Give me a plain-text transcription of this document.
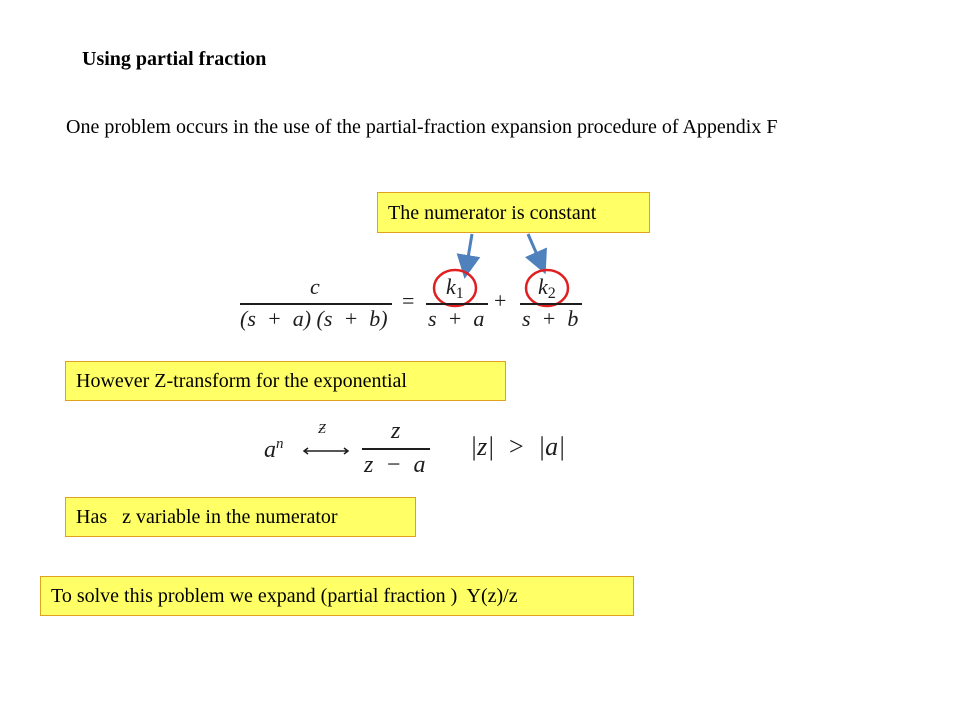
Using partial fraction
One problem occurs in the use of the partial-fraction expansion procedure of Appendix F
The numerator is constant
c
(s  +  a) (s  +  b)
=
k1
s  +  a
+
k2
s  +  b
However Z-transform for the exponential
$a^n$
Ƶ	z
z  −  a
|z|  >  |a|
Has   z variable in the numerator
To solve this problem we expand (partial fraction )  Y(z)/z
